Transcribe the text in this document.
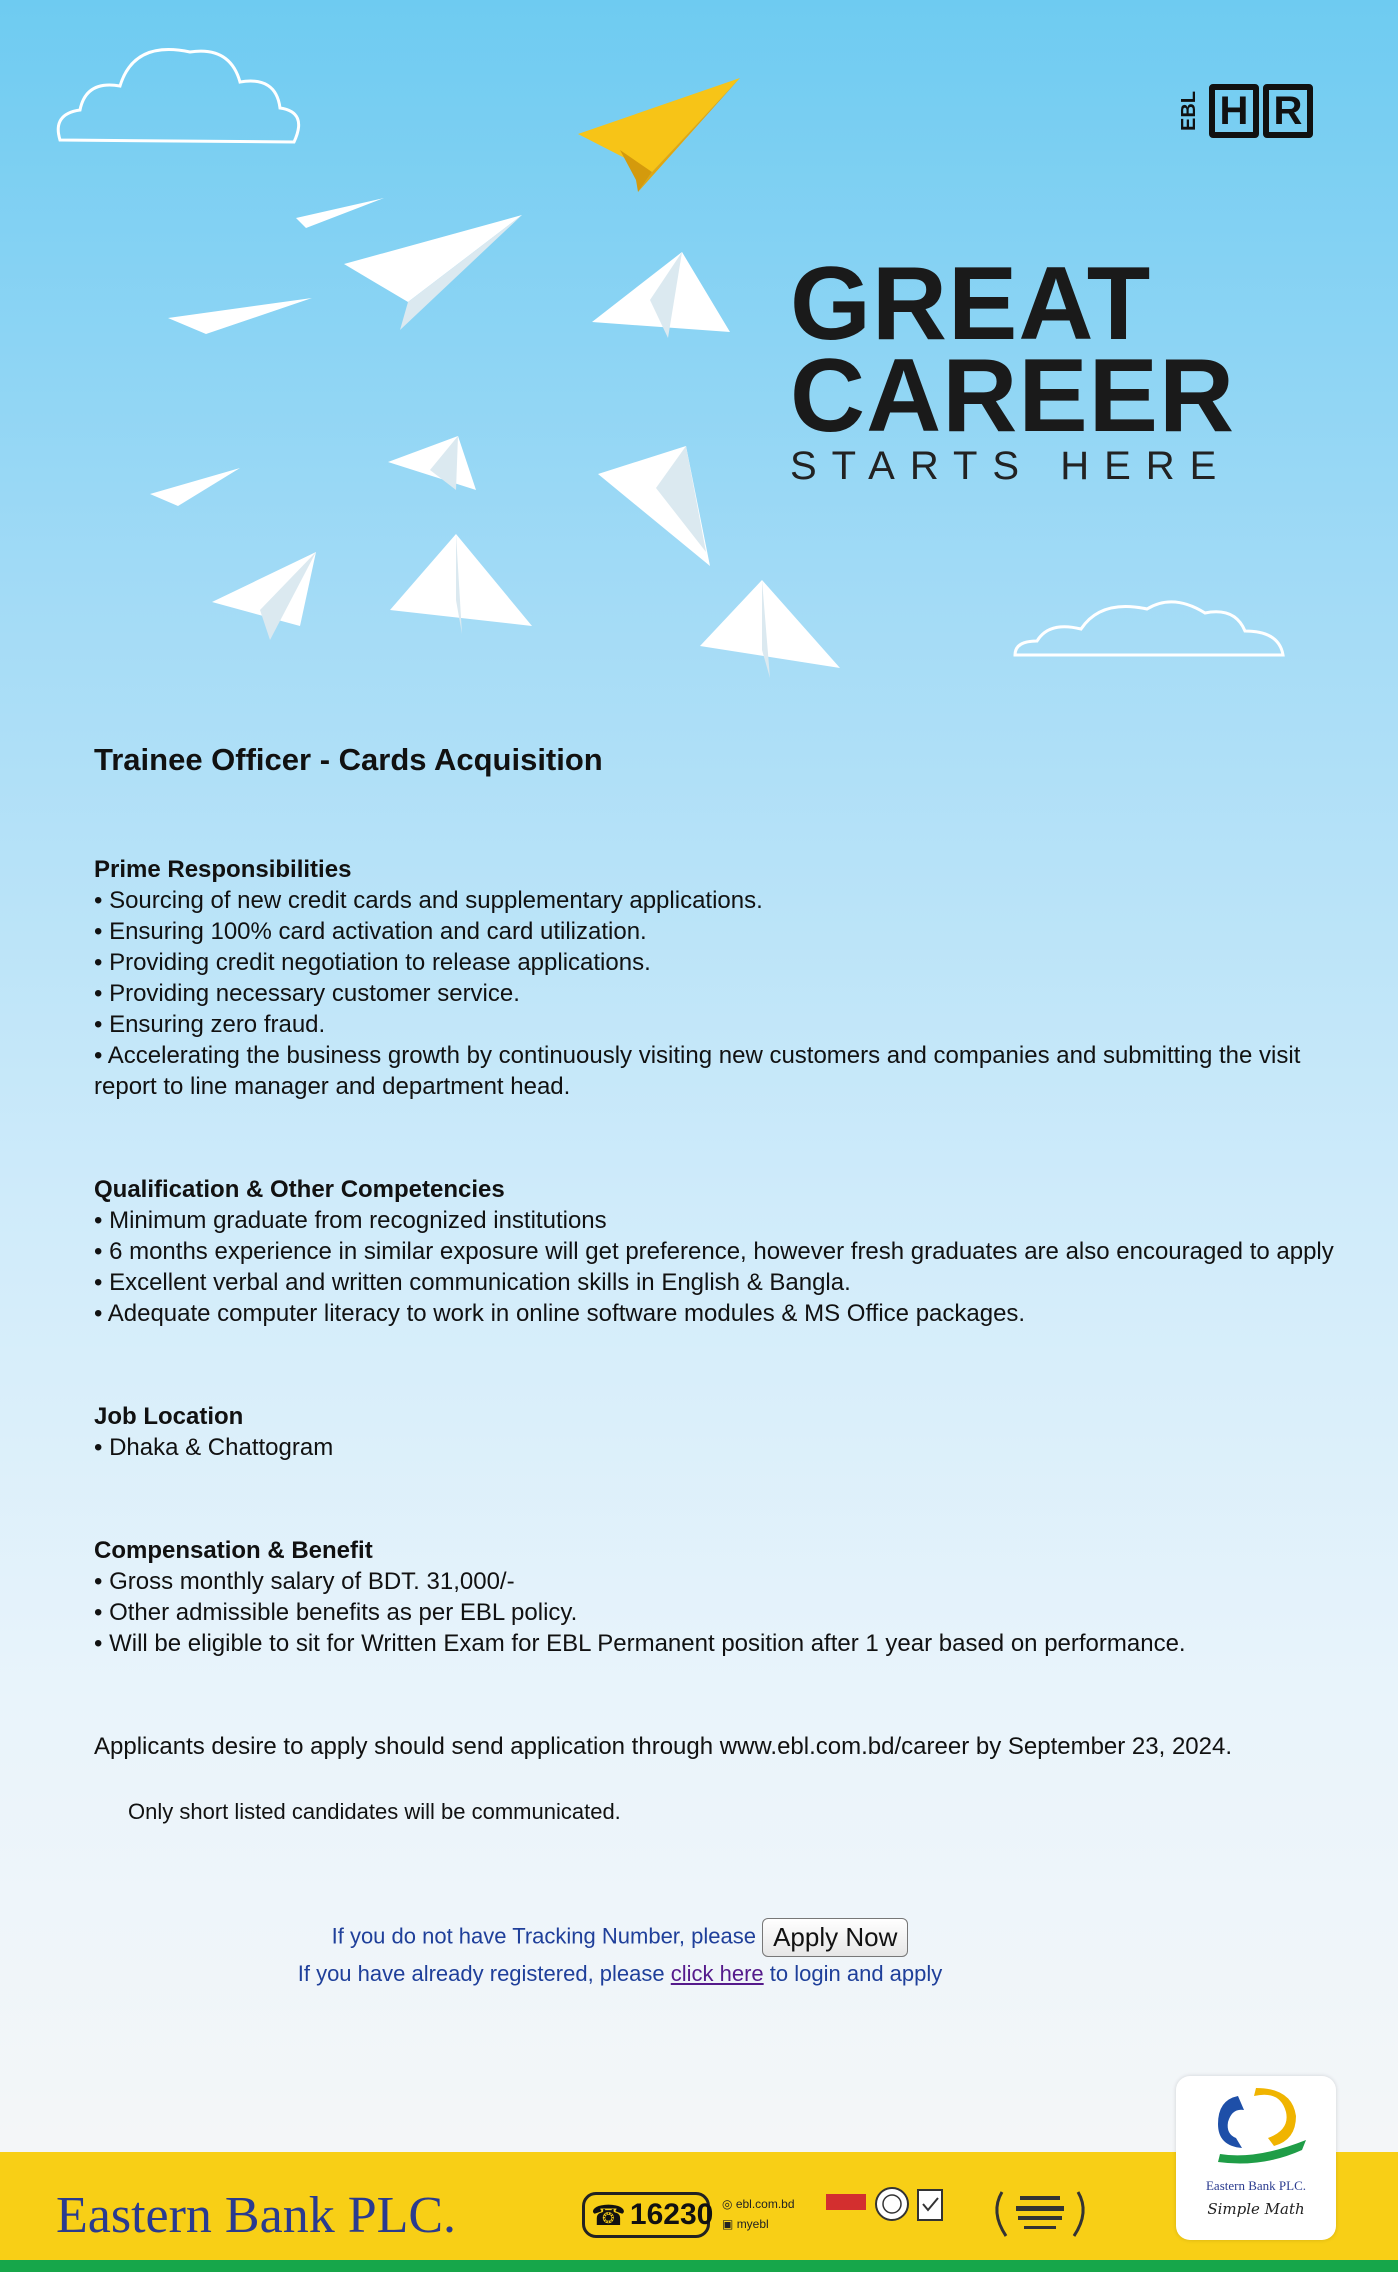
EBL H R
GREAT
CAREER
STARTS HERE
Trainee Officer - Cards Acquisition
Prime Responsibilities
• Sourcing of new credit cards and supplementary applications.
• Ensuring 100% card activation and card utilization.
• Providing credit negotiation to release applications.
• Providing necessary customer service.
• Ensuring zero fraud.
• Accelerating the business growth by continuously visiting new customers and companies and submitting the visit report to line manager and department head.
Qualification & Other Competencies
• Minimum graduate from recognized institutions
• 6 months experience in similar exposure will get preference, however fresh graduates are also encouraged to apply
• Excellent verbal and written communication skills in English & Bangla.
• Adequate computer literacy to work in online software modules & MS Office packages.
Job Location
• Dhaka & Chattogram
Compensation & Benefit
• Gross monthly salary of BDT. 31,000/-
• Other admissible benefits as per EBL policy.
• Will be eligible to sit for Written Exam for EBL Permanent position after 1 year based on performance.

Applicants desire to apply should send application through www.ebl.com.bd/career by September 23, 2024.

Only short listed candidates will be communicated.

If you do not have Tracking Number, please Apply Now
If you have already registered, please click here to login and apply
Eastern Bank PLC.	☎ 16230 ◎ ebl.com.bd
▣ myebl
Eastern Bank PLC.
Simple Math
